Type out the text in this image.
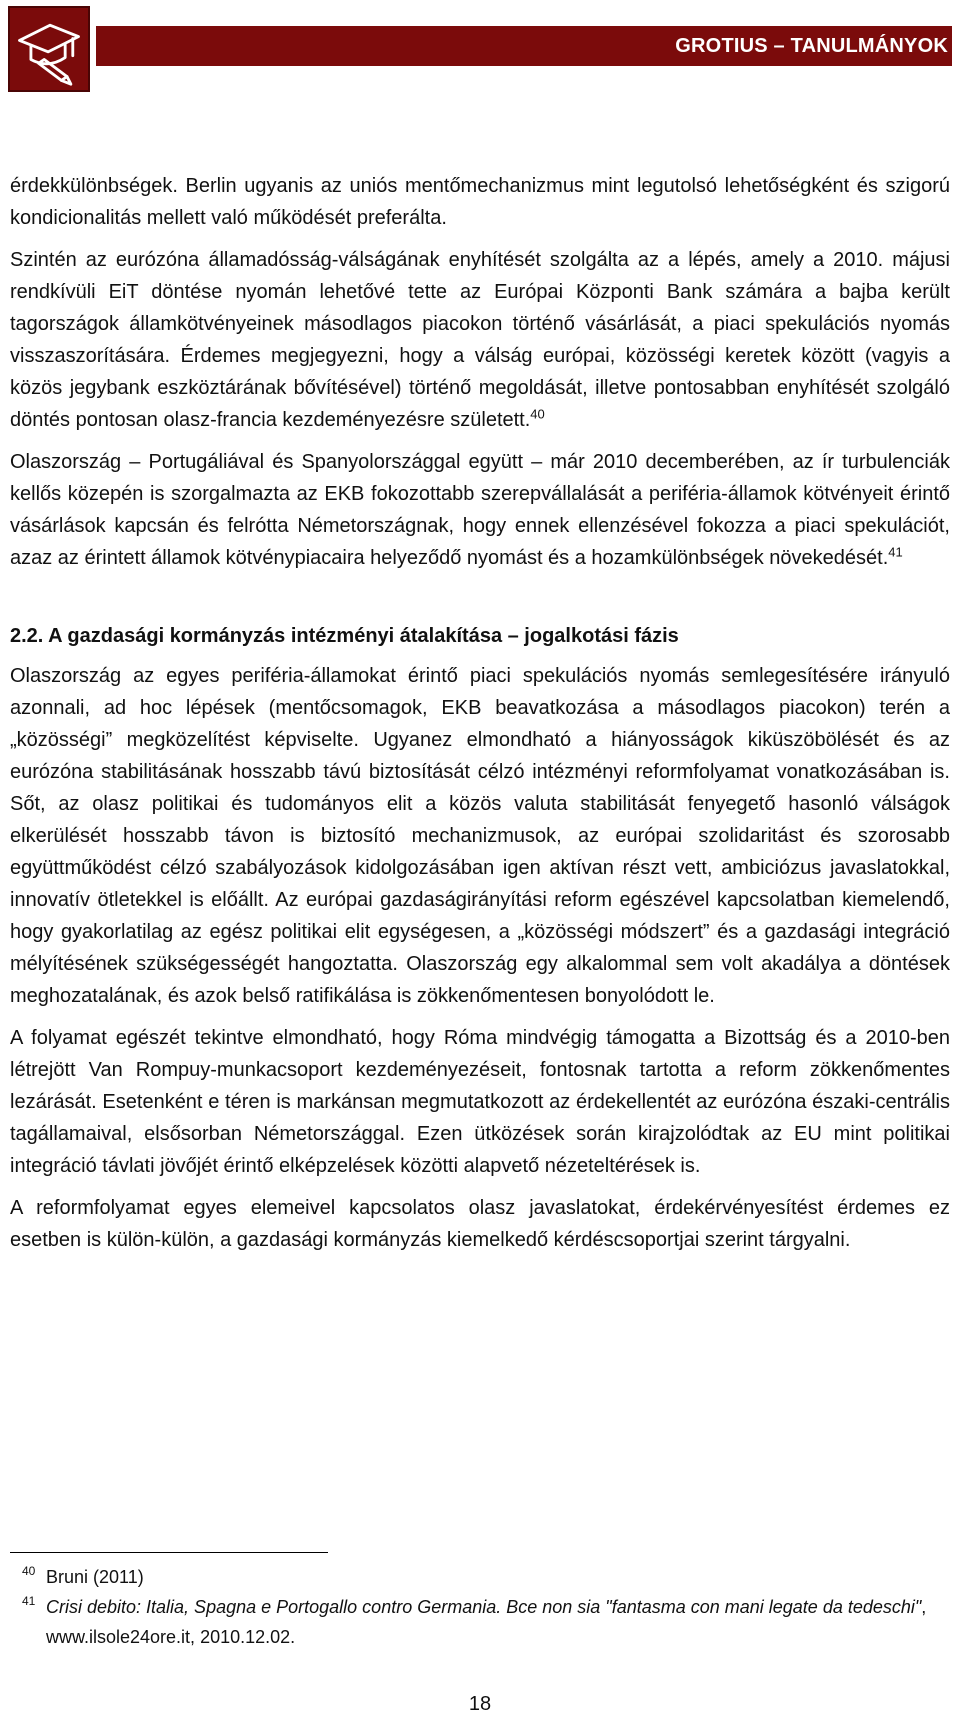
GROTIUS – TANULMÁNYOK

érdekkülönbségek. Berlin ugyanis az uniós mentőmechanizmus mint legutolsó lehetőségként és szigorú kondicionalitás mellett való működését preferálta.

Szintén az eurózóna államadósság-válságának enyhítését szolgálta az a lépés, amely a 2010. májusi rendkívüli EiT döntése nyomán lehetővé tette az Európai Központi Bank számára a bajba került tagországok államkötvényeinek másodlagos piacokon történő vásárlását, a piaci spekulációs nyomás visszaszorítására. Érdemes megjegyezni, hogy a válság európai, közösségi keretek között (vagyis a közös jegybank eszköztárának bővítésével) történő megoldását, illetve pontosabban enyhítését szolgáló döntés pontosan olasz-francia kezdeményezésre született.$^{40}$

Olaszország – Portugáliával és Spanyolországgal együtt – már 2010 decemberében, az ír turbulenciák kellős közepén is szorgalmazta az EKB fokozottabb szerepvállalását a periféria-államok kötvényeit érintő vásárlások kapcsán és felrótta Németországnak, hogy ennek ellenzésével fokozza a piaci spekulációt, azaz az érintett államok kötvénypiacaira helyeződő nyomást és a hozamkülönbségek növekedését.$^{41}$

2.2. A gazdasági kormányzás intézményi átalakítása – jogalkotási fázis

Olaszország az egyes periféria-államokat érintő piaci spekulációs nyomás semlegesítésére irányuló azonnali, ad hoc lépések (mentőcsomagok, EKB beavatkozása a másodlagos piacokon) terén a „közösségi” megközelítést képviselte. Ugyanez elmondható a hiányosságok kiküszöbölését és az eurózóna stabilitásának hosszabb távú biztosítását célzó intézményi reformfolyamat vonatkozásában is. Sőt, az olasz politikai és tudományos elit a közös valuta stabilitását fenyegető hasonló válságok elkerülését hosszabb távon is biztosító mechanizmusok, az európai szolidaritást és szorosabb együttműködést célzó szabályozások kidolgozásában igen aktívan részt vett, ambiciózus javaslatokkal, innovatív ötletekkel is előállt. Az európai gazdaságirányítási reform egészével kapcsolatban kiemelendő, hogy gyakorlatilag az egész politikai elit egységesen, a „közösségi módszert” és a gazdasági integráció mélyítésének szükségességét hangoztatta. Olaszország egy alkalommal sem volt akadálya a döntések meghozatalának, és azok belső ratifikálása is zökkenőmentesen bonyolódott le.

A folyamat egészét tekintve elmondható, hogy Róma mindvégig támogatta a Bizottság és a 2010-ben létrejött Van Rompuy-munkacsoport kezdeményezéseit, fontosnak tartotta a reform zökkenőmentes lezárását. Esetenként e téren is markánsan megmutatkozott az érdekellentét az eurózóna északi-centrális tagállamaival, elsősorban Németországgal. Ezen ütközések során kirajzolódtak az EU mint politikai integráció távlati jövőjét érintő elképzelések közötti alapvető nézeteltérések is.

A reformfolyamat egyes elemeivel kapcsolatos olasz javaslatokat, érdekérvényesítést érdemes ez esetben is külön-külön, a gazdasági kormányzás kiemelkedő kérdéscsoportjai szerint tárgyalni.

40 Bruni (2011)
41 Crisi debito: Italia, Spagna e Portogallo contro Germania. Bce non sia "fantasma con mani legate da tedeschi", www.ilsole24ore.it, 2010.12.02.
18
